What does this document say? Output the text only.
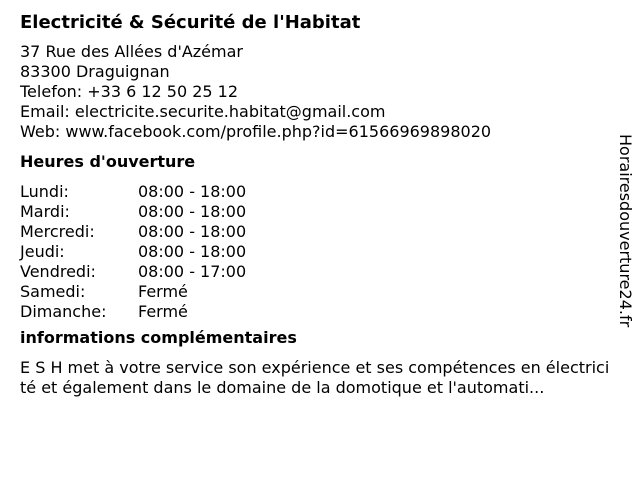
Electricité & Sécurité de l'Habitat
37 Rue des Allées d'Azémar
83300 Draguignan
Telefon: +33 6 12 50 25 12
Email: electricite.securite.habitat@gmail.com
Web: www.facebook.com/profile.php?id=61566969898020
Heures d'ouverture
Lundi:	08:00 - 18:00
Mardi:	08:00 - 18:00
Mercredi:	08:00 - 18:00
Jeudi:	08:00 - 18:00
Vendredi:	08:00 - 17:00
Samedi:	Fermé
Dimanche:	Fermé
informations complémentaires
E S H met à votre service son expérience et ses compétences en électricité et également dans le domaine de la domotique et l'automati...
Horairesdouverture24.fr
